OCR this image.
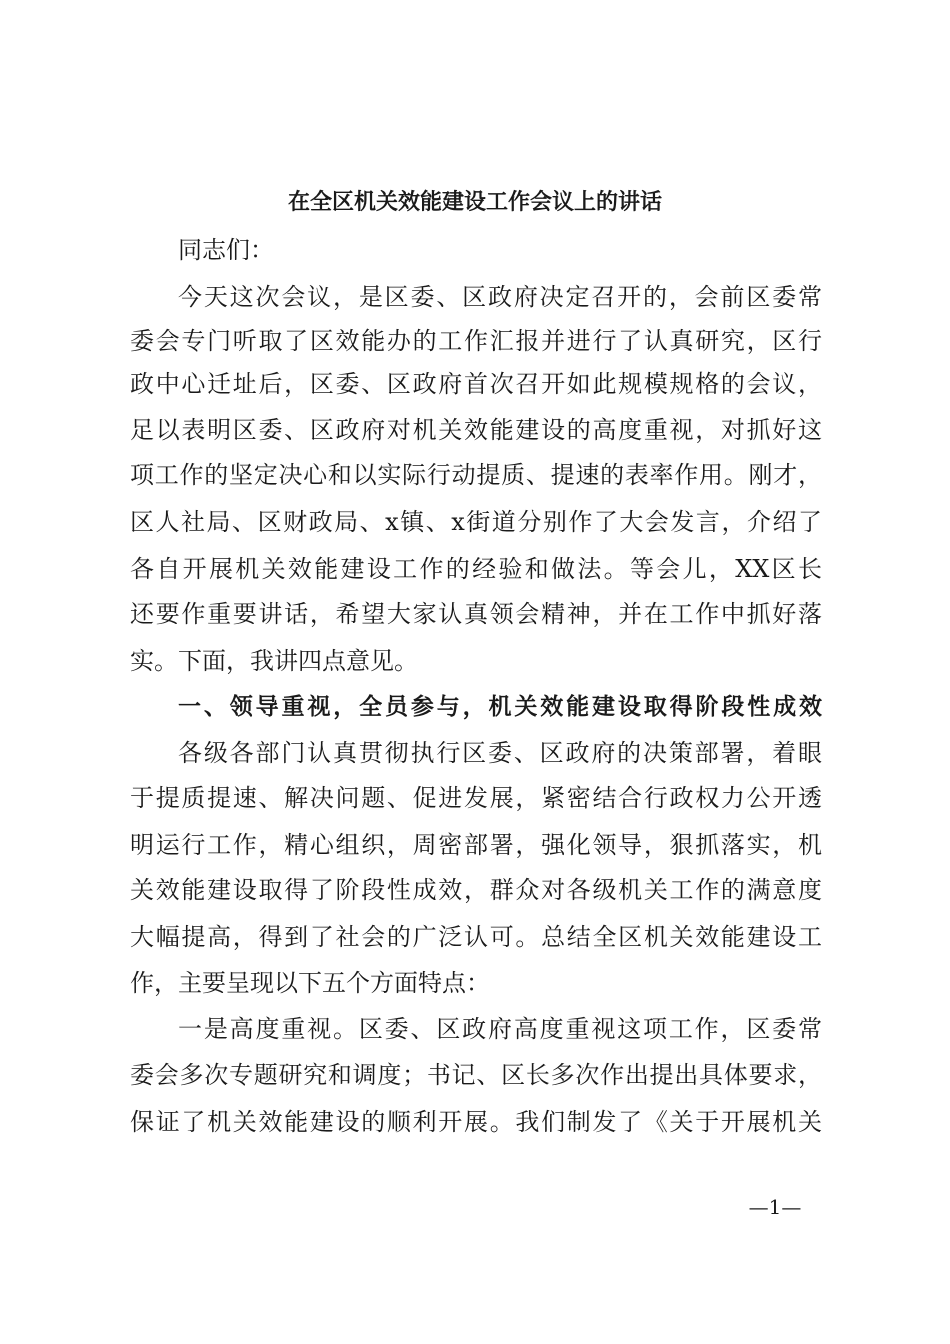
在全区机关效能建设工作会议上的讲话
同志们：
今天这次会议，是区委、区政府决定召开的，会前区委常
委会专门听取了区效能办的工作汇报并进行了认真研究，区行
政中心迁址后，区委、区政府首次召开如此规模规格的会议，
足以表明区委、区政府对机关效能建设的高度重视，对抓好这
项工作的坚定决心和以实际行动提质、提速的表率作用。刚才，
区人社局、区财政局、x镇、x街道分别作了大会发言，介绍了
各自开展机关效能建设工作的经验和做法。等会儿，XX区长
还要作重要讲话，希望大家认真领会精神，并在工作中抓好落
实。下面，我讲四点意见。
一、领导重视，全员参与，机关效能建设取得阶段性成效
各级各部门认真贯彻执行区委、区政府的决策部署，着眼
于提质提速、解决问题、促进发展，紧密结合行政权力公开透
明运行工作，精心组织，周密部署，强化领导，狠抓落实，机
关效能建设取得了阶段性成效，群众对各级机关工作的满意度
大幅提高，得到了社会的广泛认可。总结全区机关效能建设工
作，主要呈现以下五个方面特点：
一是高度重视。区委、区政府高度重视这项工作，区委常
委会多次专题研究和调度；书记、区长多次作出提出具体要求，
保证了机关效能建设的顺利开展。我们制发了《关于开展机关
—1—
